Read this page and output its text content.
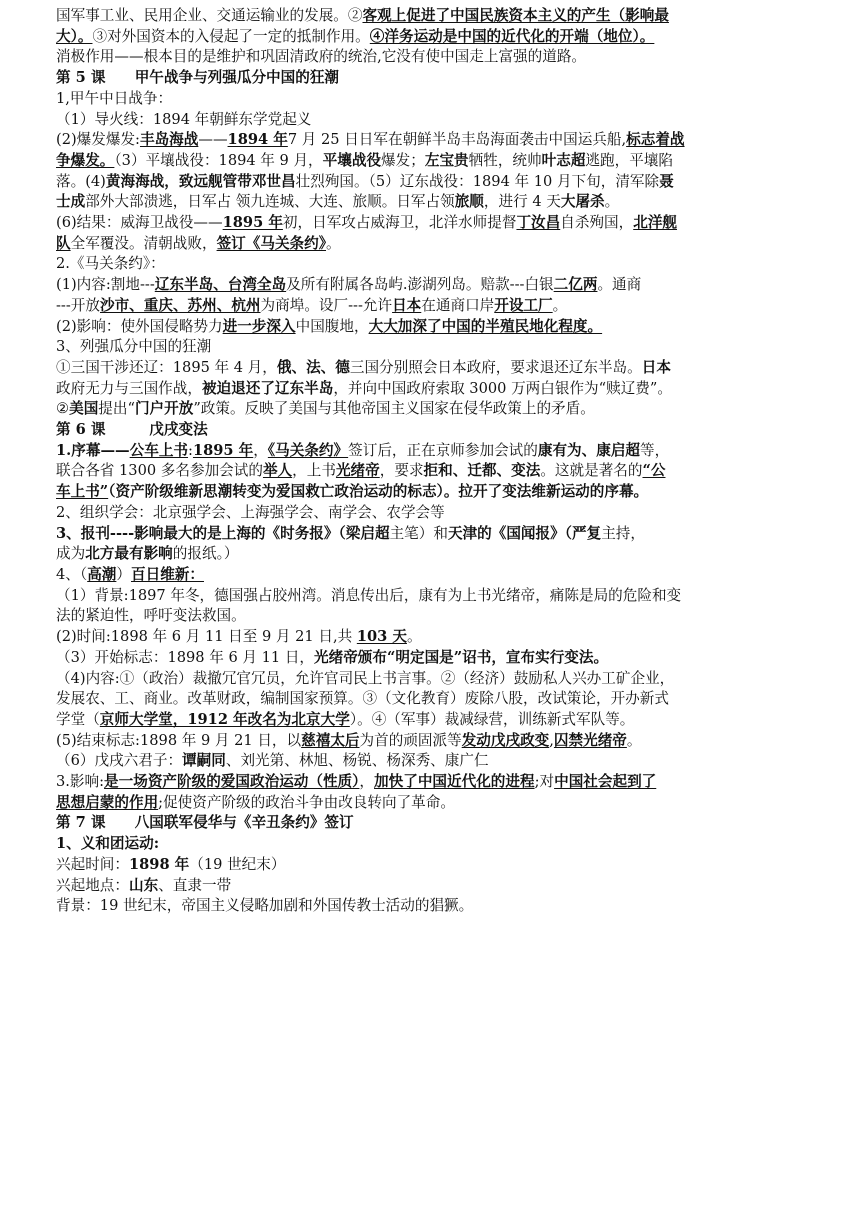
国军事工业、民用企业、交通运输业的发展。②客观上促进了中国民族资本主义的产生（影响最
大）。③对外国资本的入侵起了一定的抵制作用。④洋务运动是中国的近代化的开端（地位）。
消极作用——根本目的是维护和巩固清政府的统治,它没有使中国走上富强的道路。
第 5 课　　甲午战争与列强瓜分中国的狂潮
1,甲午中日战争：
（1）导火线：1894 年朝鲜东学党起义
(2)爆发爆发:丰岛海战——1894 年7 月 25 日日军在朝鲜半岛丰岛海面袭击中国运兵船,标志着战
争爆发。（3）平壤战役：1894 年 9 月，平壤战役爆发；左宝贵牺牲，统帅叶志超逃跑，平壤陷
落。(4)黄海海战，致远舰管带邓世昌壮烈殉国。（5）辽东战役：1894 年 10 月下旬，清军除聂
士成部外大部溃逃，日军占 领九连城、大连、旅顺。日军占领旅顺，进行 4 天大屠杀。
(6)结果：威海卫战役——1895 年初，日军攻占威海卫，北洋水师提督丁汝昌自杀殉国，北洋舰
队全军覆没。清朝战败，签订《马关条约》。
2.《马关条约》：
(1)内容:割地---辽东半岛、台湾全岛及所有附属各岛屿.澎湖列岛。赔款---白银二亿两。通商
---开放沙市、重庆、苏州、杭州为商埠。设厂---允许日本在通商口岸开设工厂。
(2)影响：使外国侵略势力进一步深入中国腹地，大大加深了中国的半殖民地化程度。
3、列强瓜分中国的狂潮
①三国干涉还辽：1895 年 4 月，俄、法、德三国分别照会日本政府，要求退还辽东半岛。日本
政府无力与三国作战，被迫退还了辽东半岛，并向中国政府索取 3000 万两白银作为“赎辽费”。
②美国提出“门户开放”政策。反映了美国与其他帝国主义国家在侵华政策上的矛盾。
第 6 课　　　戊戌变法
1.序幕——公车上书:1895 年，《马关条约》签订后，正在京师参加会试的康有为、康启超等，
联合各省 1300 多名参加会试的举人，上书光绪帝，要求拒和、迁都、变法。这就是著名的“公
车上书”（资产阶级维新思潮转变为爱国救亡政治运动的标志）。拉开了变法维新运动的序幕。
2、组织学会：北京强学会、上海强学会、南学会、农学会等
3、报刊----影响最大的是上海的《时务报》（梁启超主笔）和天津的《国闻报》（严复主持，
成为北方最有影响的报纸。）
4、（高潮）百日维新：
（1）背景:1897 年冬，德国强占胶州湾。消息传出后，康有为上书光绪帝，痛陈是局的危险和变
法的紧迫性，呼吁变法救国。
(2)时间:1898 年 6 月 11 日至 9 月 21 日,共 103 天。
（3）开始标志：1898 年 6 月 11 日，光绪帝颁布“明定国是”诏书，宣布实行变法。
（4)内容:①（政治）裁撤冗官冗员，允许官司民上书言事。②（经济）鼓励私人兴办工矿企业，
发展农、工、商业。改革财政，编制国家预算。③（文化教育）废除八股，改试策论，开办新式
学堂（京师大学堂，1912 年改名为北京大学）。④（军事）裁减绿营，训练新式军队等。
(5)结束标志:1898 年 9 月 21 日，以慈禧太后为首的顽固派等发动戊戌政变,囚禁光绪帝。
（6）戊戌六君子：谭嗣同、刘光第、林旭、杨锐、杨深秀、康广仁
3.影响:是一场资产阶级的爱国政治运动（性质），加快了中国近代化的进程;对中国社会起到了
思想启蒙的作用;促使资产阶级的政治斗争由改良转向了革命。
第 7 课　　八国联军侵华与《辛丑条约》签订
1、义和团运动:
兴起时间：1898 年（19 世纪末）
兴起地点：山东、直隶一带
背景：19 世纪末，帝国主义侵略加剧和外国传教士活动的猖獗。
